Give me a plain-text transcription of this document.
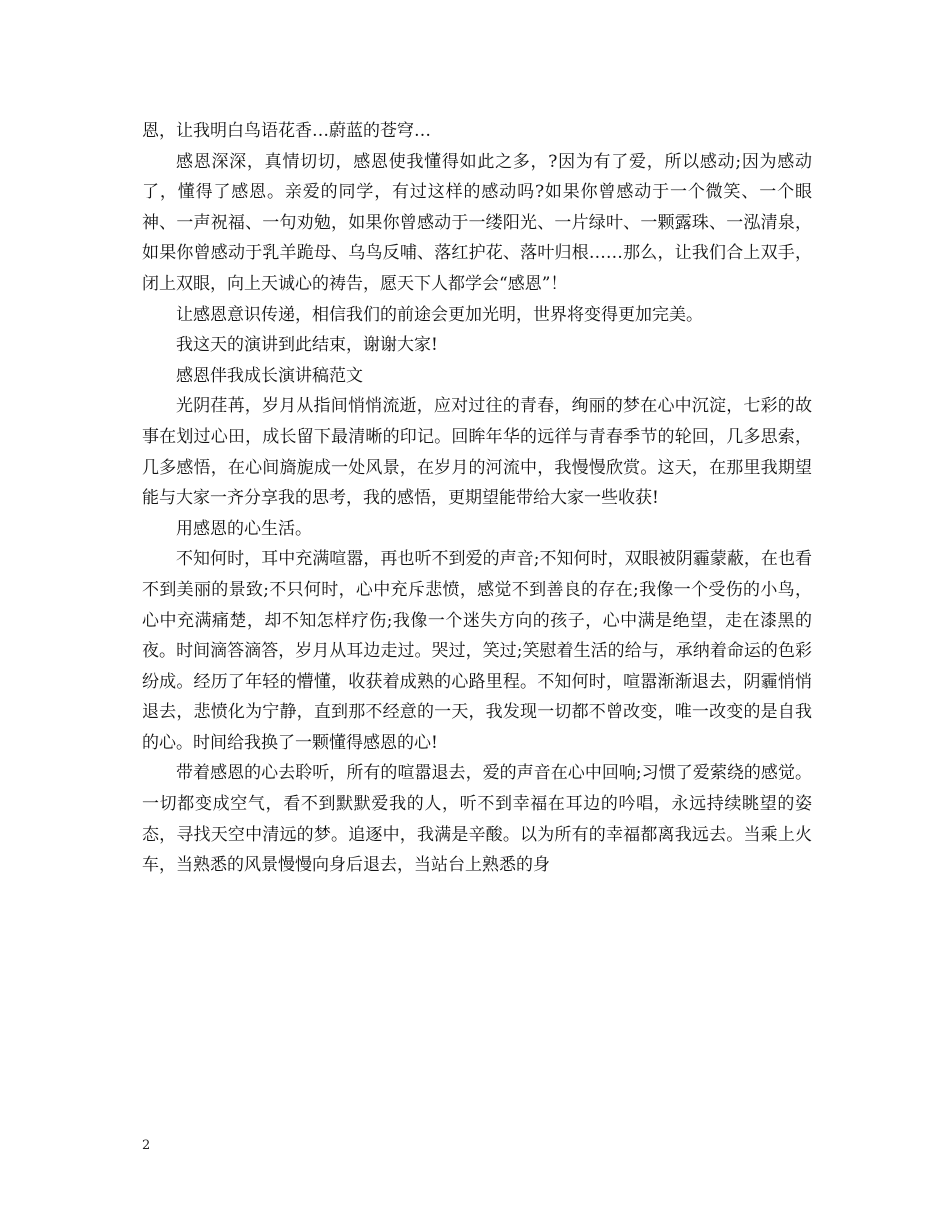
恩，让我明白鸟语花香…蔚蓝的苍穹…

感恩深深，真情切切，感恩使我懂得如此之多，?因为有了爱，所以感动;因为感动了，懂得了感恩。亲爱的同学，有过这样的感动吗?如果你曾感动于一个微笑、一个眼神、一声祝福、一句劝勉，如果你曾感动于一缕阳光、一片绿叶、一颗露珠、一泓清泉，如果你曾感动于乳羊跪母、乌鸟反哺、落红护花、落叶归根……那么，让我们合上双手，闭上双眼，向上天诚心的祷告，愿天下人都学会“感恩”！

让感恩意识传递，相信我们的前途会更加光明，世界将变得更加完美。

我这天的演讲到此结束，谢谢大家!

感恩伴我成长演讲稿范文

光阴荏苒，岁月从指间悄悄流逝，应对过往的青春，绚丽的梦在心中沉淀，七彩的故事在划过心田，成长留下最清晰的印记。回眸年华的远徉与青春季节的轮回，几多思索，几多感悟，在心间旖旎成一处风景，在岁月的河流中，我慢慢欣赏。这天，在那里我期望能与大家一齐分享我的思考，我的感悟，更期望能带给大家一些收获!

用感恩的心生活。

不知何时，耳中充满喧嚣，再也听不到爱的声音;不知何时，双眼被阴霾蒙蔽，在也看不到美丽的景致;不只何时，心中充斥悲愤，感觉不到善良的存在;我像一个受伤的小鸟，心中充满痛楚，却不知怎样疗伤;我像一个迷失方向的孩子，心中满是绝望，走在漆黑的夜。时间滴答滴答，岁月从耳边走过。哭过，笑过;笑慰着生活的给与，承纳着命运的色彩纷成。经历了年轻的懵懂，收获着成熟的心路里程。不知何时，喧嚣渐渐退去，阴霾悄悄退去，悲愤化为宁静，直到那不经意的一天，我发现一切都不曾改变，唯一改变的是自我的心。时间给我换了一颗懂得感恩的心!

带着感恩的心去聆听，所有的喧嚣退去，爱的声音在心中回响;习惯了爱萦绕的感觉。一切都变成空气，看不到默默爱我的人，听不到幸福在耳边的吟唱，永远持续眺望的姿态，寻找天空中清远的梦。追逐中，我满是辛酸。以为所有的幸福都离我远去。当乘上火车，当熟悉的风景慢慢向身后退去，当站台上熟悉的身

2
